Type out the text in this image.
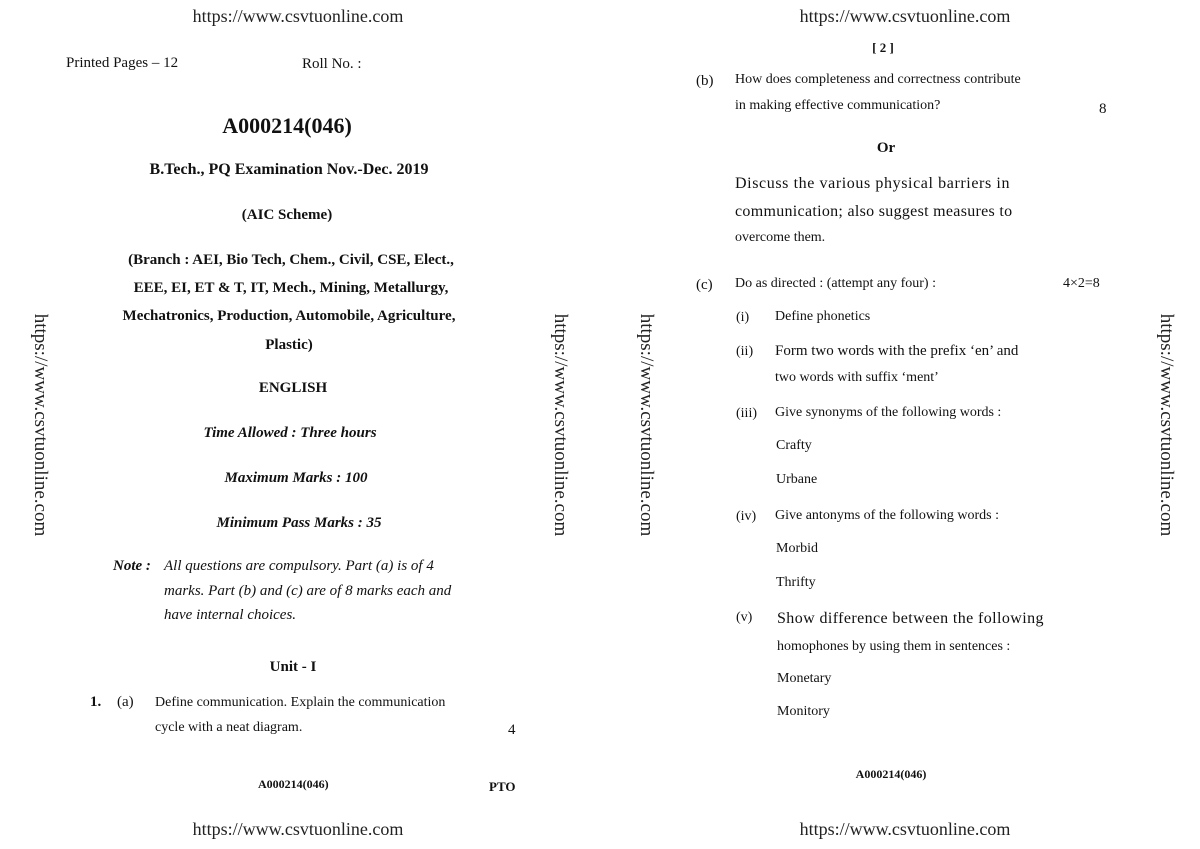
https://www.csvtuonline.com
https://www.csvtuonline.com	https://www.csvtuonline.com
Printed Pages – 12	Roll No. :
A000214(046)
B.Tech., PQ Examination Nov.-Dec. 2019
(AIC Scheme)
(Branch : AEI, Bio Tech, Chem., Civil, CSE, Elect.,
EEE, EI, ET & T, IT, Mech., Mining, Metallurgy,
Mechatronics, Production, Automobile, Agriculture,
Plastic)
ENGLISH
Time Allowed : Three hours
Maximum Marks : 100
Minimum Pass Marks : 35
Note : All questions are compulsory. Part (a) is of 4
marks. Part (b) and (c) are of 8 marks each and
have internal choices.
Unit - I
1. (a) Define communication. Explain the communication
cycle with a neat diagram.	4
A000214(046)	PTO
https://www.csvtuonline.com
https://www.csvtuonline.com
https://www.csvtuonline.com	https://www.csvtuonline.com
[ 2 ]
(b) How does completeness and correctness contribute
in making effective communication?	8
Or
Discuss the various physical barriers in
communication; also suggest measures to
overcome them.
(c) Do as directed : (attempt any four) :	4×2=8
(i) Define phonetics
(ii) Form two words with the prefix ‘en’ and
two words with suffix ‘ment’
(iii) Give synonyms of the following words :
Crafty
Urbane
(iv) Give antonyms of the following words :
Morbid
Thrifty
(v) Show difference between the following
homophones by using them in sentences :
Monetary
Monitory
A000214(046)
https://www.csvtuonline.com
